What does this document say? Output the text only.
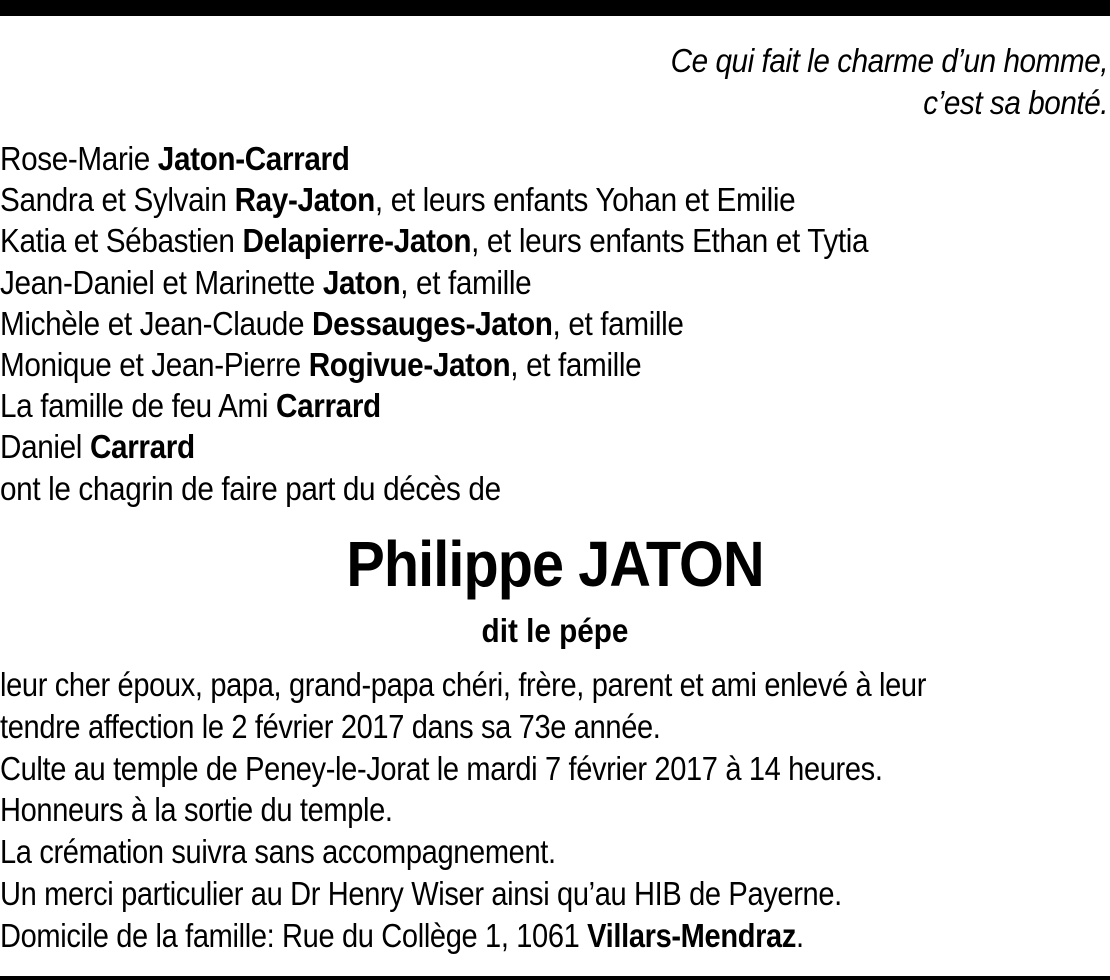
Ce qui fait le charme d’un homme,
c’est sa bonté.
Rose-Marie Jaton-Carrard
Sandra et Sylvain Ray-Jaton, et leurs enfants Yohan et Emilie
Katia et Sébastien Delapierre-Jaton, et leurs enfants Ethan et Tytia
Jean-Daniel et Marinette Jaton, et famille
Michèle et Jean-Claude Dessauges-Jaton, et famille
Monique et Jean-Pierre Rogivue-Jaton, et famille
La famille de feu Ami Carrard
Daniel Carrard
ont le chagrin de faire part du décès de
Philippe JATON
dit le pépe
leur cher époux, papa, grand-papa chéri, frère, parent et ami enlevé à leur
tendre affection le 2 février 2017 dans sa 73e année.
Culte au temple de Peney-le-Jorat le mardi 7 février 2017 à 14 heures.
Honneurs à la sortie du temple.
La crémation suivra sans accompagnement.
Un merci particulier au Dr Henry Wiser ainsi qu’au HIB de Payerne.
Domicile de la famille: Rue du Collège 1, 1061 Villars-Mendraz.
